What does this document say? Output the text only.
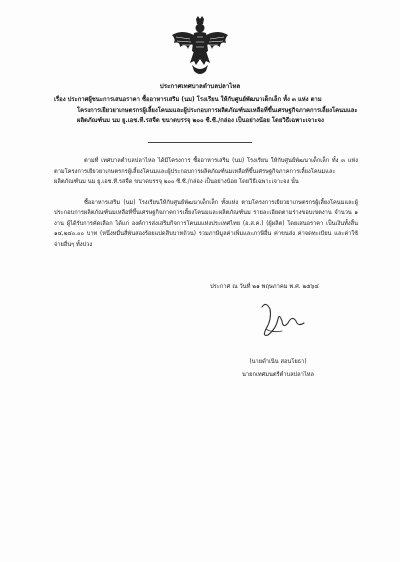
ประกาศเทศบาลตำบลปลาไหล

เรื่อง ประกาศผู้ชนะการเสนอราคา ซื้ออาหารเสริม (นม) โรงเรียน ให้กับศูนย์พัฒนาเด็กเล็ก ทั้ง ๓ แห่ง ตาม

โครงการเยียวยาเกษตรกรผู้เลี้ยงโคนมและผู้ประกอบการผลิตภัณฑ์นมเหลือที่ขึ้นเศรษฐกิจภาคการเลี้ยงโคนมและ

ผลิตภัณฑ์นม นม ยู.เอช.ที.รสจืด ขนาดบรรจุ ๒๐๐ ซี.ซี./กล่อง เป็นอย่างน้อย โดยวิธีเฉพาะเจาะจง

ตามที่ เทศบาลตำบลปลาไหล ได้มีโครงการ ซื้ออาหารเสริม (นม) โรงเรียน ให้กับศูนย์พัฒนาเด็กเล็ก ทั้ง ๓ แห่ง ตามโครงการเยียวยาเกษตรกรผู้เลี้ยงโคนมและผู้ประกอบการผลิตภัณฑ์นมเหลือที่ขึ้นเศรษฐกิจภาคการเลี้ยงโคนมและผลิตภัณฑ์นม นม ยู.เอช.ที.รสจืด ขนาดบรรจุ ๒๐๐ ซี.ซี./กล่อง เป็นอย่างน้อย โดยวิธีเฉพาะเจาะจง นั้น

ซื้ออาหารเสริม (นม) โรงเรียนให้กับศูนย์พัฒนาเด็กเล็ก ทั้งแห่ง ตามโครงการเยียวยาเกษตรกรผู้เลี้ยงโคนมและผู้ประกอบการผลิตภัณฑ์นมเหลือที่ขึ้นเศรษฐกิจภาคการเลี้ยงโคนมและผลิตภัณฑ์นม รายละเอียดตามร่างขอบเขตงาน จำนวน ๑ งาน ผู้ได้รับการคัดเลือก ได้แก่ องค์การส่งเสริมกิจการโคนมแห่งประเทศไทย (อ.ส.ค.) (ผู้ผลิต) โดยเสนอราคา เป็นเงินทั้งสิ้น ๑๔,๒๔๐.๐๐ บาท (หนึ่งหมื่นสี่พันสองร้อยแปดสิบบาทถ้วน) รวมภาษีมูลค่าเพิ่มและภาษีอื่น ค่าขนส่ง ค่าจดทะเบียน และค่าใช้จ่ายอื่นๆ ทั้งปวง

ประกาศ ณ วันที่ ๒๑ พฤษภาคม พ.ศ. ๒๕๖๔
(นายดำเนิน สอนโยธา)
นายกเทศมนตรีตำบลปลาไหล
